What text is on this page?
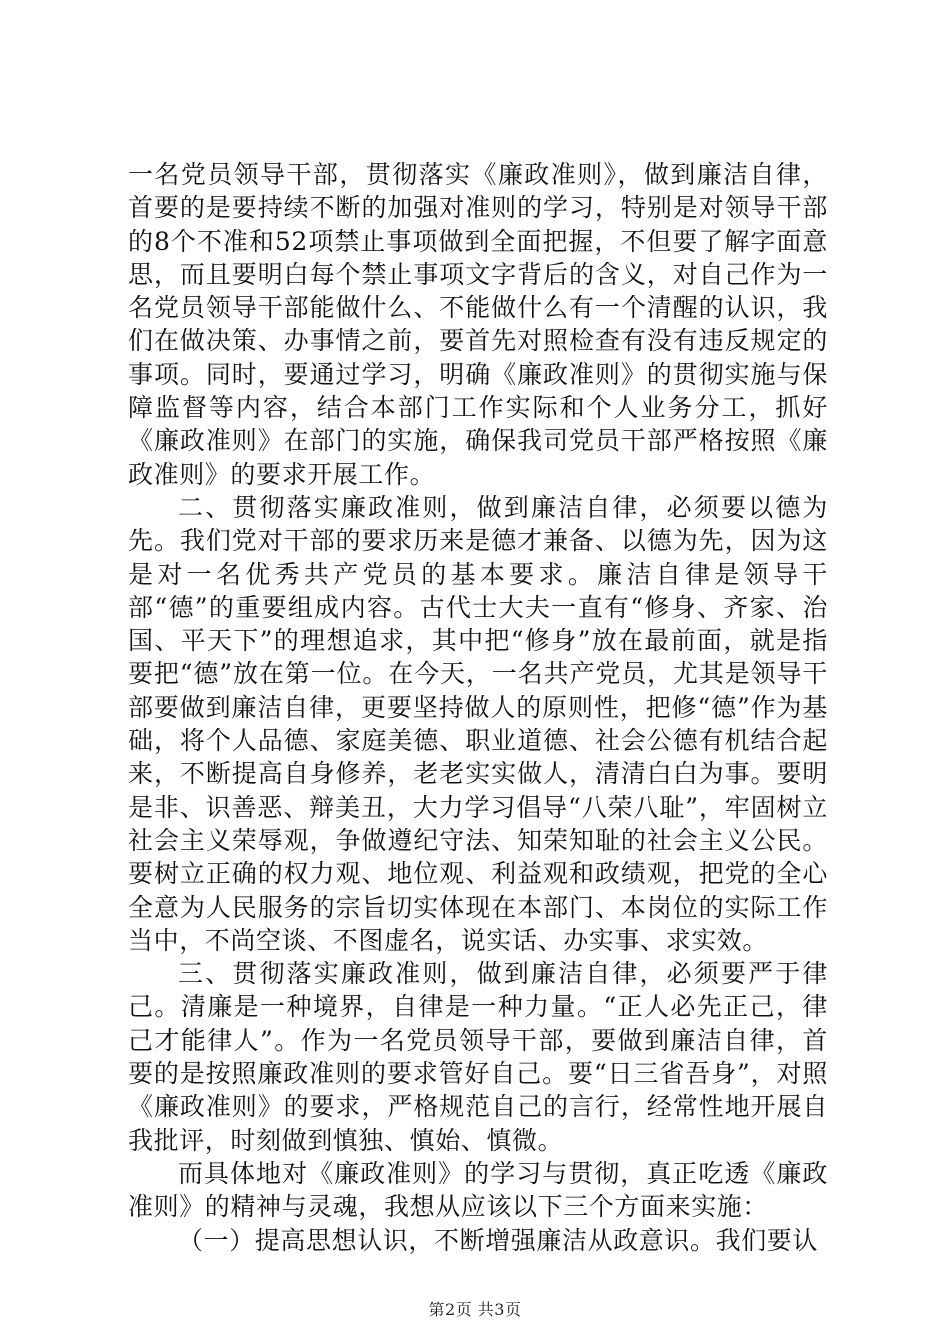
一名党员领导干部，贯彻落实《廉政准则》，做到廉洁自律，首要的是要持续不断的加强对准则的学习，特别是对领导干部的8个不准和52项禁止事项做到全面把握，不但要了解字面意思，而且要明白每个禁止事项文字背后的含义，对自己作为一名党员领导干部能做什么、不能做什么有一个清醒的认识，我们在做决策、办事情之前，要首先对照检查有没有违反规定的事项。同时，要通过学习，明确《廉政准则》的贯彻实施与保障监督等内容，结合本部门工作实际和个人业务分工，抓好《廉政准则》在部门的实施，确保我司党员干部严格按照《廉政准则》的要求开展工作。

二、贯彻落实廉政准则，做到廉洁自律，必须要以德为先。我们党对干部的要求历来是德才兼备、以德为先，因为这是对一名优秀共产党员的基本要求。廉洁自律是领导干部“德”的重要组成内容。古代士大夫一直有“修身、齐家、治国、平天下”的理想追求，其中把“修身”放在最前面，就是指要把“德”放在第一位。在今天，一名共产党员，尤其是领导干部要做到廉洁自律，更要坚持做人的原则性，把修“德”作为基础，将个人品德、家庭美德、职业道德、社会公德有机结合起来，不断提高自身修养，老老实实做人，清清白白为事。要明是非、识善恶、辩美丑，大力学习倡导“八荣八耻”，牢固树立社会主义荣辱观，争做遵纪守法、知荣知耻的社会主义公民。要树立正确的权力观、地位观、利益观和政绩观，把党的全心全意为人民服务的宗旨切实体现在本部门、本岗位的实际工作当中，不尚空谈、不图虚名，说实话、办实事、求实效。

三、贯彻落实廉政准则，做到廉洁自律，必须要严于律己。清廉是一种境界，自律是一种力量。“正人必先正己，律己才能律人”。作为一名党员领导干部，要做到廉洁自律，首要的是按照廉政准则的要求管好自己。要“日三省吾身”，对照《廉政准则》的要求，严格规范自己的言行，经常性地开展自我批评，时刻做到慎独、慎始、慎微。

而具体地对《廉政准则》的学习与贯彻，真正吃透《廉政准则》的精神与灵魂，我想从应该以下三个方面来实施：

（一）提高思想认识，不断增强廉洁从政意识。我们要认

第2页 共3页
